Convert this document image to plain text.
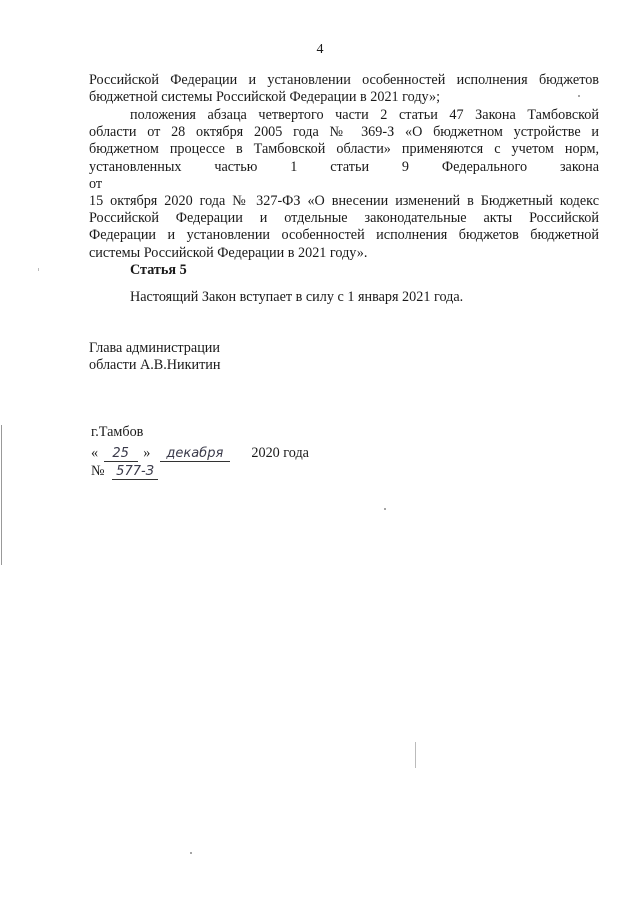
4
Российской Федерации и установлении особенностей исполнения бюджетов
бюджетной системы Российской Федерации в 2021 году»;
положения абзаца четвертого части 2 статьи 47 Закона Тамбовской
области от 28 октября 2005 года № 369-З «О бюджетном устройстве и
бюджетном процессе в Тамбовской области» применяются с учетом норм,
установленных частью 1 статьи 9 Федерального закона от
15 октября 2020 года № 327-ФЗ «О внесении изменений в Бюджетный кодекс
Российской Федерации и отдельные законодательные акты Российской
Федерации и установлении особенностей исполнения бюджетов бюджетной
системы Российской Федерации в 2021 году».
Статья 5
Настоящий Закон вступает в силу с 1 января 2021 года.
Глава администрации
области А.В.Никитин
г.Тамбов
« 25 » декабря 2020 года
№ 577-З
